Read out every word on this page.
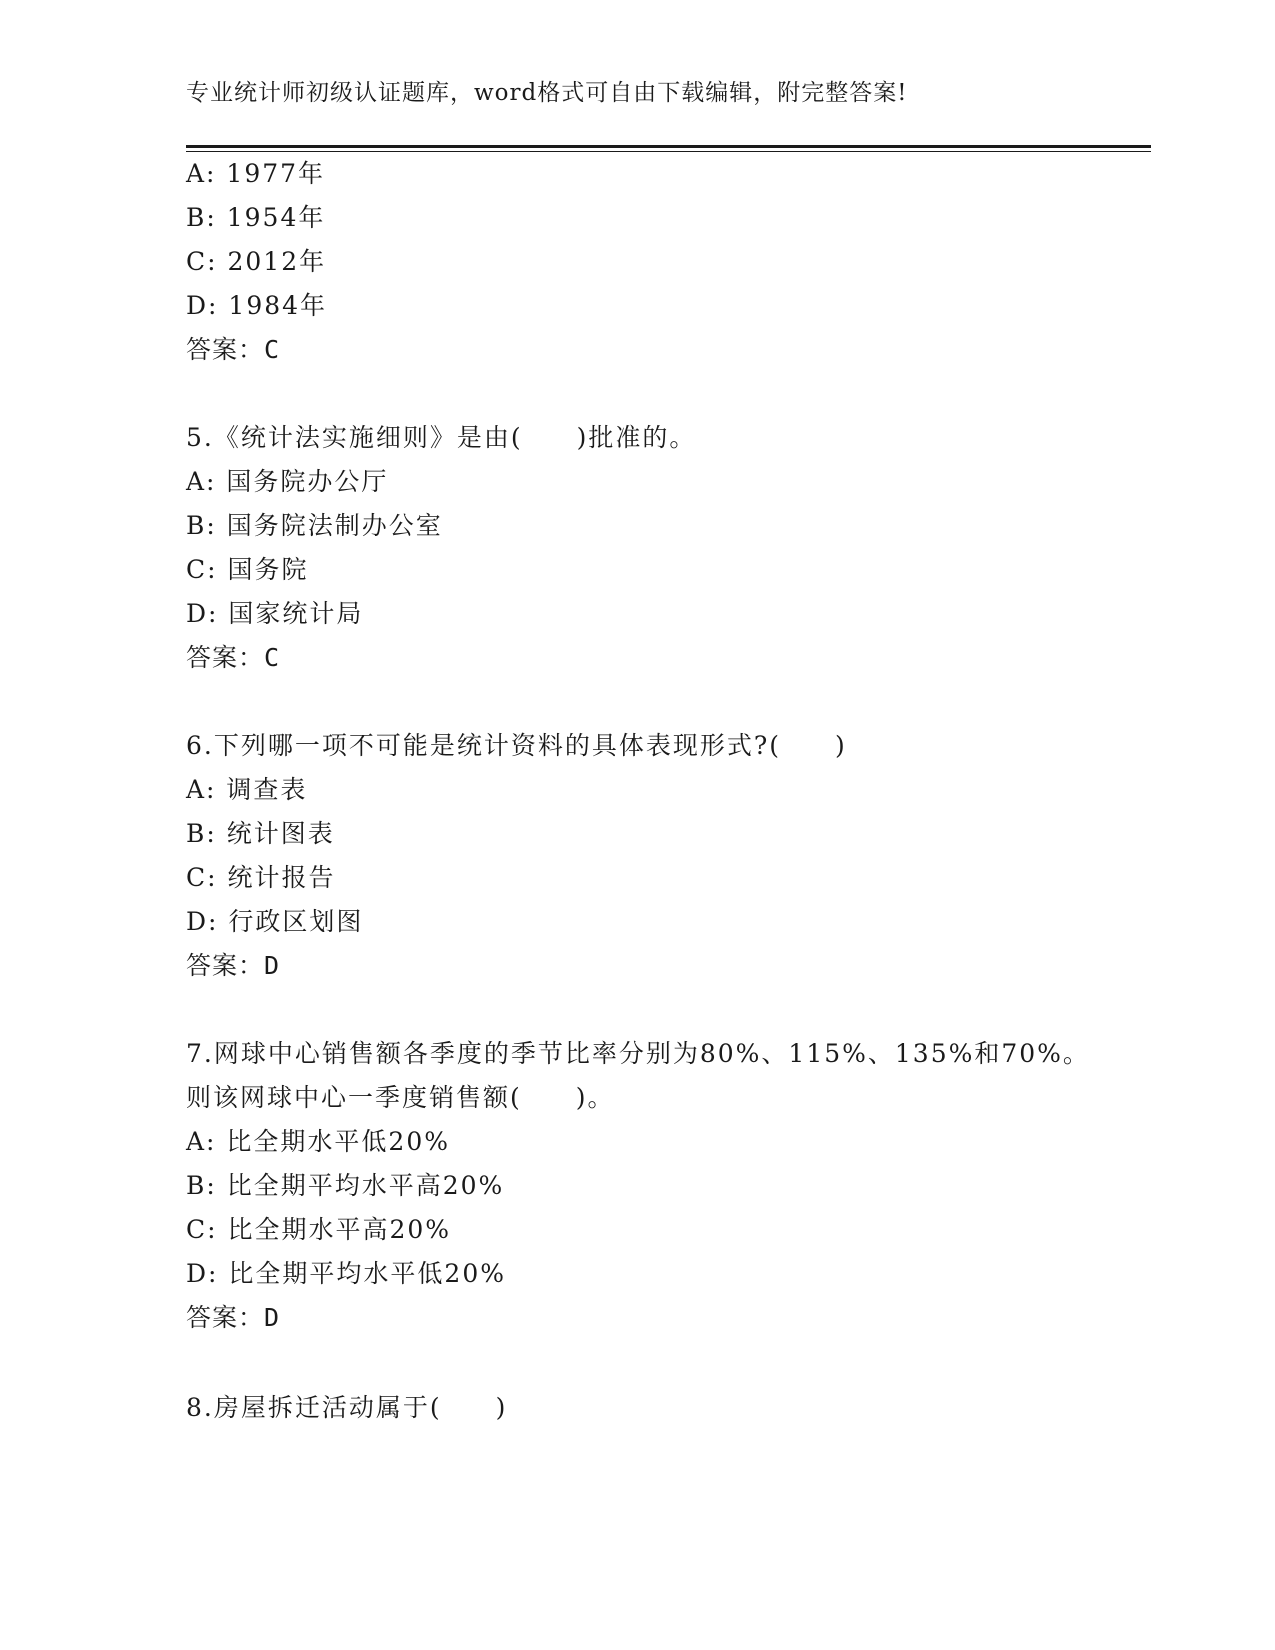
专业统计师初级认证题库，word格式可自由下载编辑，附完整答案!
A: 1977年
B: 1954年
C: 2012年
D: 1984年
答案：C
5.《统计法实施细则》是由(　　)批准的。
A: 国务院办公厅
B: 国务院法制办公室
C: 国务院
D: 国家统计局
答案：C
6.下列哪一项不可能是统计资料的具体表现形式?(　　)
A: 调查表
B: 统计图表
C: 统计报告
D: 行政区划图
答案：D
7.网球中心销售额各季度的季节比率分别为80%、115%、135%和70%。
则该网球中心一季度销售额(　　)。
A: 比全期水平低20%
B: 比全期平均水平高20%
C: 比全期水平高20%
D: 比全期平均水平低20%
答案：D
8.房屋拆迁活动属于(　　)
